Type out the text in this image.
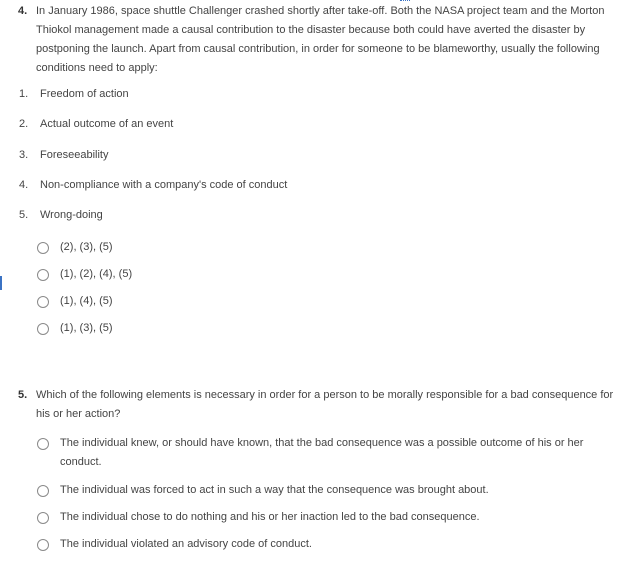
4. In January 1986, space shuttle Challenger crashed shortly after take-off. Both the NASA project team and the Morton Thiokol management made a causal contribution to the disaster because both could have averted the disaster by postponing the launch. Apart from causal contribution, in order for someone to be blameworthy, usually the following conditions need to apply:
1.	Freedom of action
2.	Actual outcome of an event
3.	Foreseeability
4.	Non-compliance with a company's code of conduct
5.	Wrong-doing
(2), (3), (5)
(1), (2), (4), (5)
(1), (4), (5)
(1), (3), (5)
5. Which of the following elements is necessary in order for a person to be morally responsible for a bad consequence for his or her action?
The individual knew, or should have known, that the bad consequence was a possible outcome of his or her conduct.
The individual was forced to act in such a way that the consequence was brought about.
The individual chose to do nothing and his or her inaction led to the bad consequence.
The individual violated an advisory code of conduct.
